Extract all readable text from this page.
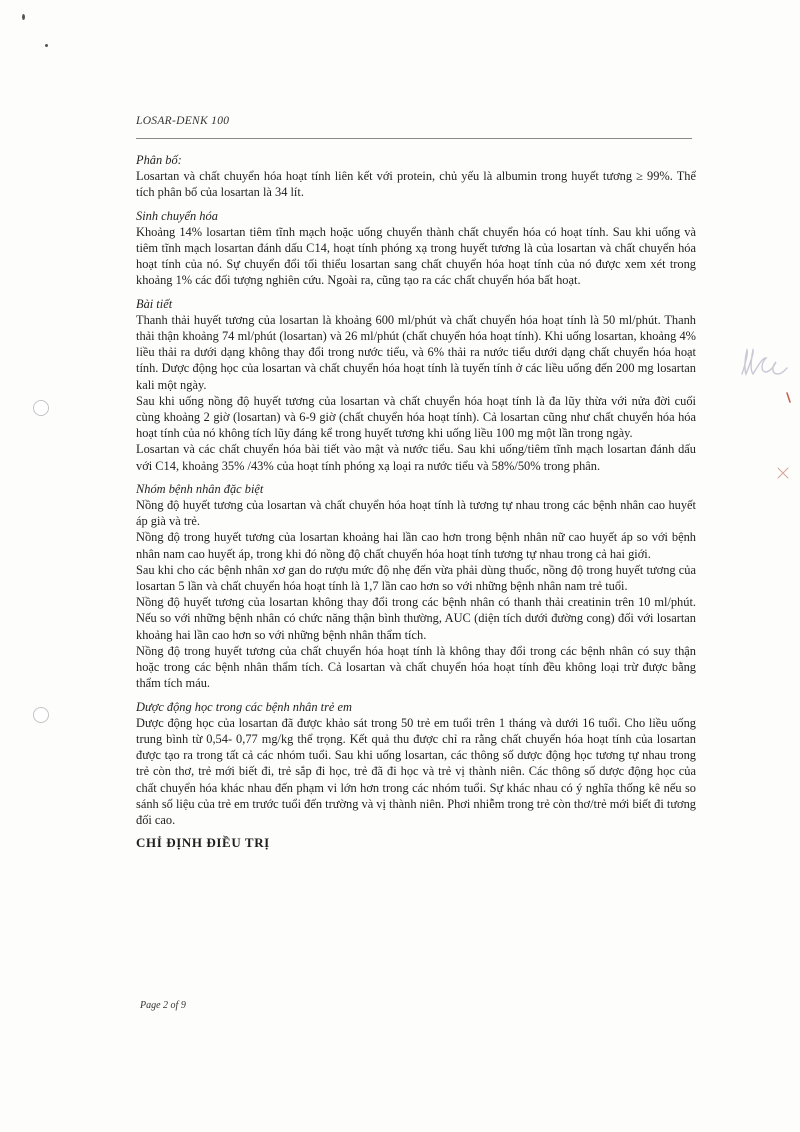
LOSAR-DENK 100
Phân bố:

Losartan và chất chuyển hóa hoạt tính liên kết với protein, chủ yếu là albumin trong huyết tương ≥ 99%. Thể tích phân bố của losartan là 34 lít.

Sinh chuyển hóa

Khoảng 14% losartan tiêm tĩnh mạch hoặc uống chuyển thành chất chuyển hóa có hoạt tính. Sau khi uống và tiêm tĩnh mạch losartan đánh dấu C14, hoạt tính phóng xạ trong huyết tương là của losartan và chất chuyển hóa hoạt tính của nó. Sự chuyển đổi tối thiểu losartan sang chất chuyển hóa hoạt tính của nó được xem xét trong khoảng 1% các đối tượng nghiên cứu. Ngoài ra, cũng tạo ra các chất chuyển hóa bất hoạt.

Bài tiết

Thanh thải huyết tương của losartan là khoảng 600 ml/phút và chất chuyển hóa hoạt tính là 50 ml/phút. Thanh thải thận khoảng 74 ml/phút (losartan) và 26 ml/phút (chất chuyển hóa hoạt tính). Khi uống losartan, khoảng 4% liều thải ra dưới dạng không thay đổi trong nước tiểu, và 6% thải ra nước tiểu dưới dạng chất chuyển hóa hoạt tính. Dược động học của losartan và chất chuyển hóa hoạt tính là tuyến tính ở các liều uống đến 200 mg losartan kali một ngày.

Sau khi uống nồng độ huyết tương của losartan và chất chuyển hóa hoạt tính là đa lũy thừa với nửa đời cuối cùng khoảng 2 giờ (losartan) và 6-9 giờ (chất chuyển hóa hoạt tính). Cả losartan cũng như chất chuyển hóa hóa hoạt tính của nó không tích lũy đáng kể trong huyết tương khi uống liều 100 mg một lần trong ngày.

Losartan và các chất chuyển hóa bài tiết vào mật và nước tiểu. Sau khi uống/tiêm tĩnh mạch losartan đánh dấu với C14, khoảng 35% /43% của hoạt tính phóng xạ loại ra nước tiểu và 58%/50% trong phân.

Nhóm bệnh nhân đặc biệt

Nồng độ huyết tương của losartan và chất chuyển hóa hoạt tính là tương tự nhau trong các bệnh nhân cao huyết áp già và trẻ.

Nồng độ trong huyết tương của losartan khoảng hai lần cao hơn trong bệnh nhân nữ cao huyết áp so với bệnh nhân nam cao huyết áp, trong khi đó nồng độ chất chuyển hóa hoạt tính tương tự nhau trong cả hai giới.

Sau khi cho các bệnh nhân xơ gan do rượu mức độ nhẹ đến vừa phải dùng thuốc, nồng độ trong huyết tương của losartan 5 lần và chất chuyển hóa hoạt tính là 1,7 lần cao hơn so với những bệnh nhân nam trẻ tuổi.

Nồng độ huyết tương của losartan không thay đổi trong các bệnh nhân có thanh thải creatinin trên 10 ml/phút. Nếu so với những bệnh nhân có chức năng thận bình thường, AUC (diện tích dưới đường cong) đối với losartan khoảng hai lần cao hơn so với những bệnh nhân thẩm tích.

Nồng độ trong huyết tương của chất chuyển hóa hoạt tính là không thay đổi trong các bệnh nhân có suy thận hoặc trong các bệnh nhân thẩm tích. Cả losartan và chất chuyển hóa hoạt tính đều không loại trừ được bằng thẩm tích máu.

Dược động học trong các bệnh nhân trẻ em

Dược động học của losartan đã được khảo sát trong 50 trẻ em tuổi trên 1 tháng và dưới 16 tuổi. Cho liều uống trung bình từ 0,54- 0,77 mg/kg thể trọng. Kết quả thu được chỉ ra rằng chất chuyển hóa hoạt tính của losartan được tạo ra trong tất cả các nhóm tuổi. Sau khi uống losartan, các thông số dược động học tương tự nhau trong trẻ còn thơ, trẻ mới biết đi, trẻ sắp đi học, trẻ đã đi học và trẻ vị thành niên. Các thông số dược động học của chất chuyển hóa khác nhau đến phạm vi lớn hơn trong các nhóm tuổi. Sự khác nhau có ý nghĩa thống kê nếu so sánh số liệu của trẻ em trước tuổi đến trường và vị thành niên. Phơi nhiễm trong trẻ còn thơ/trẻ mới biết đi tương đối cao.

CHỈ ĐỊNH ĐIỀU TRỊ
Page 2 of 9
